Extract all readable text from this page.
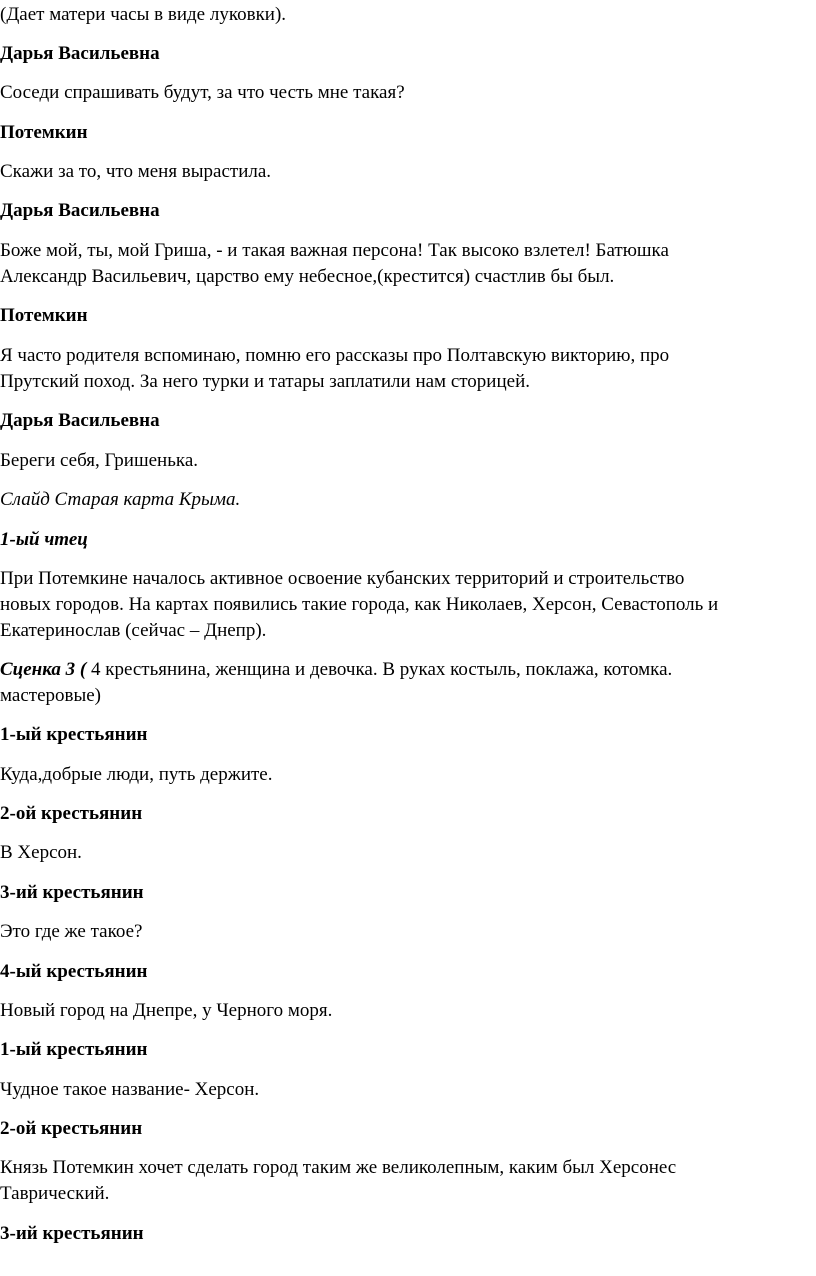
(Дает матери часы в виде луковки).
Дарья Васильевна
Соседи спрашивать будут, за что честь мне такая?
Потемкин
Скажи за то, что меня вырастила.
Дарья Васильевна
Боже мой, ты, мой Гриша, - и такая важная персона! Так высоко взлетел! Батюшка
Александр Васильевич, царство ему небесное,(крестится) счастлив бы был.
Потемкин
Я часто родителя вспоминаю, помню его рассказы про Полтавскую викторию, про
Прутский поход. За него турки и татары заплатили нам сторицей.
Дарья Васильевна
Береги себя, Гришенька.
Слайд Старая карта Крыма.
1-ый чтец
При Потемкине началось активное освоение кубанских территорий и строительство
новых городов. На картах появились такие города, как Николаев, Херсон, Севастополь и
Екатеринослав (сейчас – Днепр).
Сценка 3 ( 4 крестьянина, женщина и девочка. В руках костыль, поклажа, котомка.
мастеровые)
1-ый крестьянин
Куда,добрые люди, путь держите.
2-ой крестьянин
В Херсон.
3-ий крестьянин
Это где же такое?
4-ый крестьянин
Новый город на Днепре, у Черного моря.
1-ый крестьянин
Чудное такое название- Херсон.
2-ой крестьянин
Князь Потемкин хочет сделать город таким же великолепным, каким был Херсонес
Таврический.
3-ий крестьянин
